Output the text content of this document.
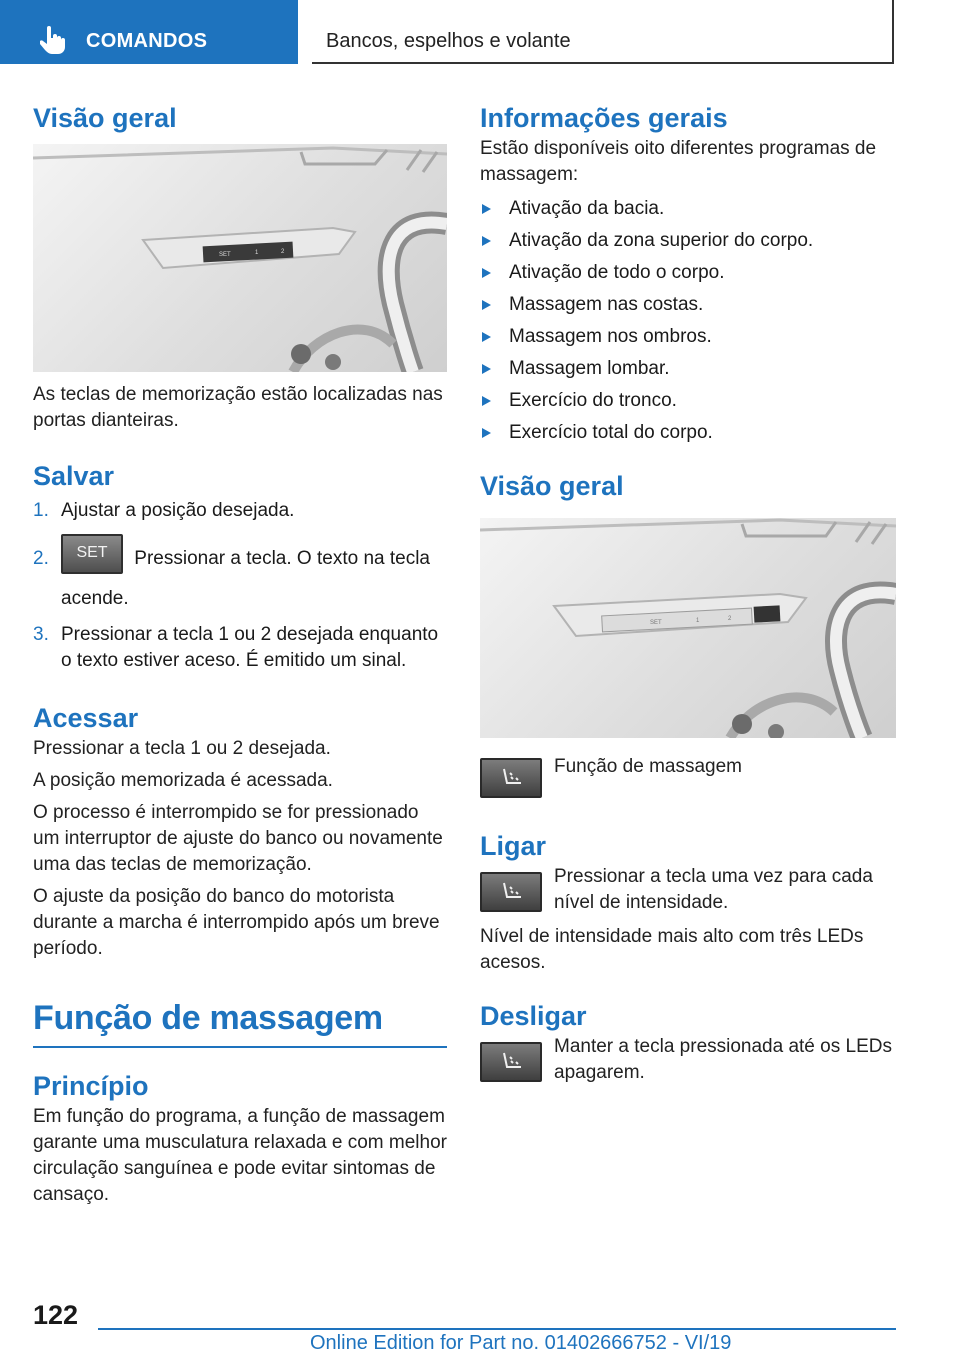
COMANDOS	Bancos, espelhos e volante
Visão geral
SET	1	2

As teclas de memorização estão localizadas nas portas dianteiras.

Salvar
1. Ajustar a posição desejada.
2. SET Pressionar a tecla. O texto na tecla acende.
3. Pressionar a tecla 1 ou 2 desejada enquanto o texto estiver aceso. É emitido um sinal.
Acessar

Pressionar a tecla 1 ou 2 desejada.

A posição memorizada é acessada.

O processo é interrompido se for pressionado um interruptor de ajuste do banco ou novamente uma das teclas de memorização.

O ajuste da posição do banco do motorista durante a marcha é interrompido após um breve período.

Função de massagem
Princípio

Em função do programa, a função de massagem garante uma musculatura relaxada e com melhor circulação sanguínea e pode evitar sintomas de cansaço.

Informações gerais

Estão disponíveis oito diferentes programas de massagem:

Ativação da bacia.
Ativação da zona superior do corpo.
Ativação de todo o corpo.
Massagem nas costas.
Massagem nos ombros.
Massagem lombar.
Exercício do tronco.
Exercício total do corpo.
Visão geral
SET	1	2

Função de massagem

Ligar

Pressionar a tecla uma vez para cada nível de intensidade.

Nível de intensidade mais alto com três LEDs acesos.

Desligar

Manter a tecla pressionada até os LEDs apagarem.

122
Online Edition for Part no. 01402666752 - VI/19
